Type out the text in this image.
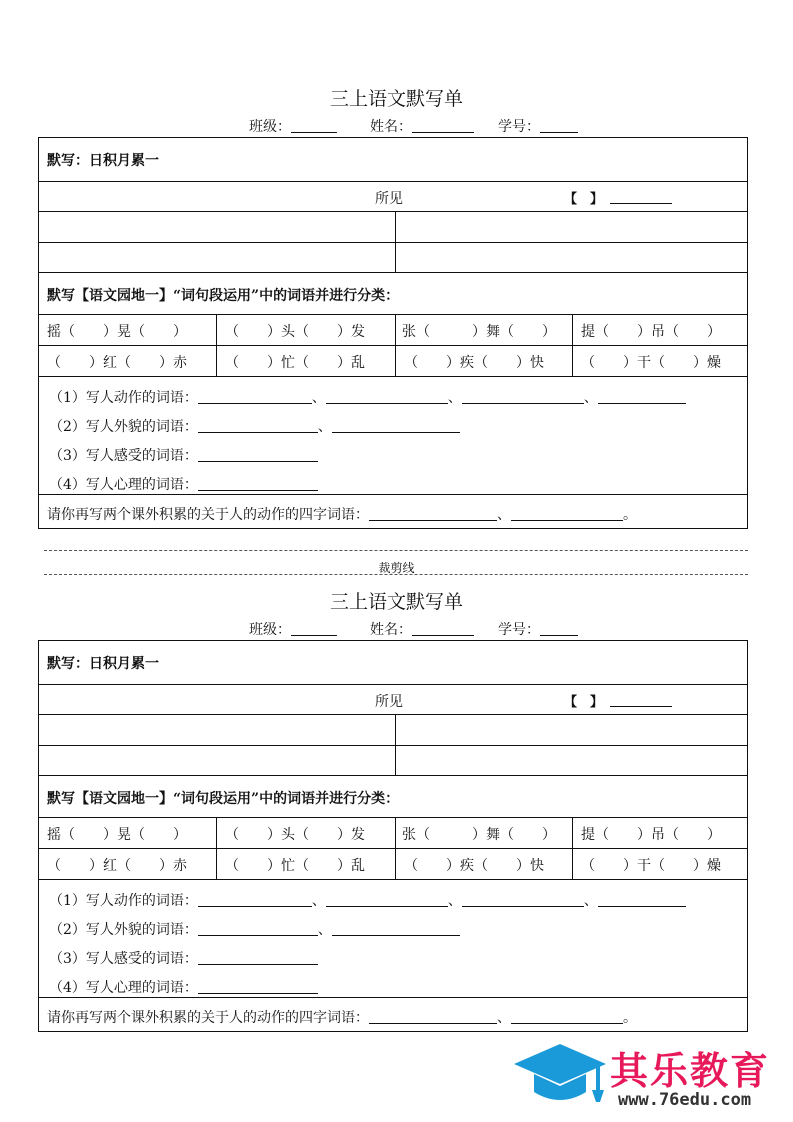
三上语文默写单
班级：	姓名：	学号：
默写：日积月累一
所见	【　】
默写【语文园地一】“词句段运用”中的词语并进行分类：
摇（　　）晃（　　）	（　　）头（　　）发	张（　　　）舞（　　） 提（　　）吊（　　）
（　　）红（　　）赤	（　　）忙（　　）乱	（　　）疾（　　）快	（　　）干（　　）燥
（1）写人动作的词语：	、	、	、
（2）写人外貌的词语：	、
（3）写人感受的词语：
（4）写人心理的词语：
请你再写两个课外积累的关于人的动作的四字词语：	、	。
裁剪线
三上语文默写单
班级：	姓名：	学号：
默写：日积月累一
所见	【　】
默写【语文园地一】“词句段运用”中的词语并进行分类：
摇（　　）晃（　　）	（　　）头（　　）发	张（　　　）舞（　　） 提（　　）吊（　　）
（　　）红（　　）赤	（　　）忙（　　）乱	（　　）疾（　　）快	（　　）干（　　）燥
（1）写人动作的词语：	、	、	、
（2）写人外貌的词语：	、
（3）写人感受的词语：
（4）写人心理的词语：
请你再写两个课外积累的关于人的动作的四字词语：	、	。
其乐教育
www.76edu.com
